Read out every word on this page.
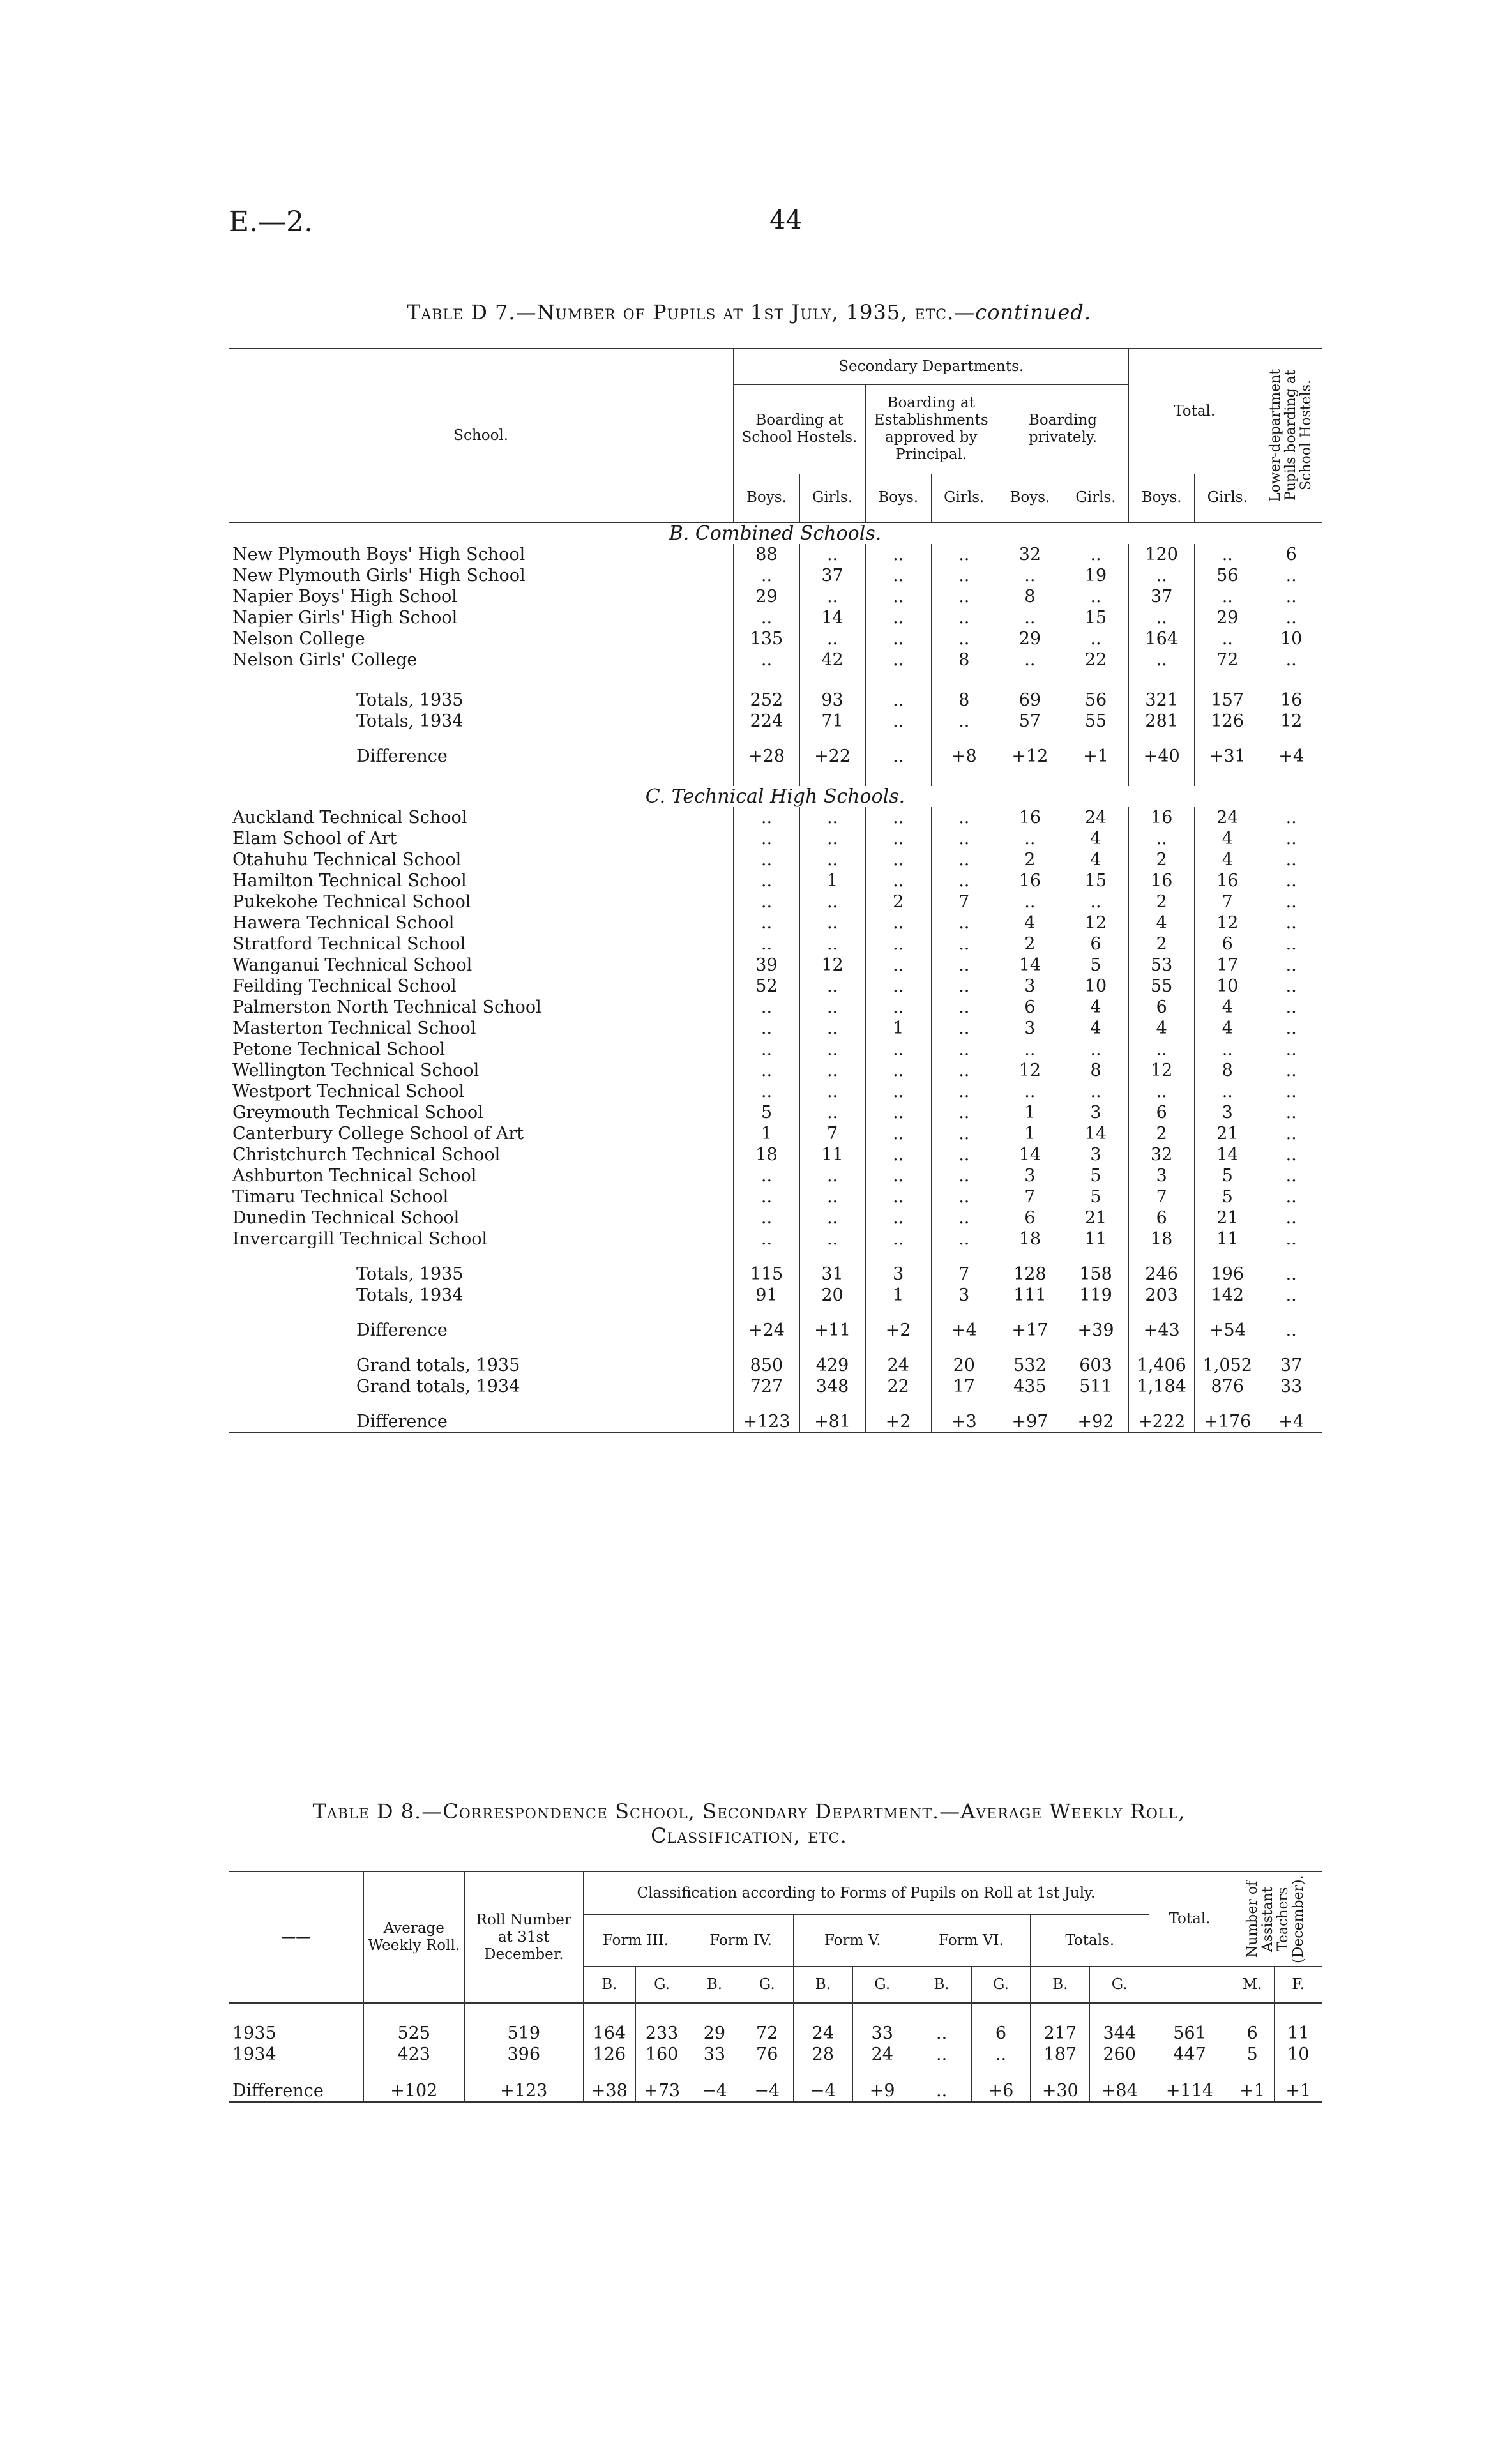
E.—2.	44
Table D 7.—Number of Pupils at 1st July, 1935, etc.—continued.
School.	Secondary Departments.						Total.		Lower-department Pupils boarding at School Hostels.

	Boarding at School Hostels.		Boarding at Establishments approved by Principal.		Boarding privately.				
	Boys.	Girls.	Boys.	Girls.	Boys.	Girls.	Boys.	Girls.	
B. Combined Schools.									
New Plymouth Boys' High School	88	..	..	..	32	..	120	..	6
New Plymouth Girls' High School	..	37	..	..	..	19	..	56	..
Napier Boys' High School	29	..	..	..	8	..	37	..	..
Napier Girls' High School	..	14	..	..	..	15	..	29	..
Nelson College	135	..	..	..	29	..	164	..	10
Nelson Girls' College	..	42	..	8	..	22	..	72	..

Totals, 1935	252	93	..	8	69	56	321	157	16
Totals, 1934	224	71	..	..	57	55	281	126	12

Difference	+28	+22	..	+8	+12	+1	+40	+31	+4

C. Technical High Schools.									
Auckland Technical School	..	..	..	..	16	24	16	24	..
Elam School of Art	..	..	..	..	..	4	..	4	..
Otahuhu Technical School	..	..	..	..	2	4	2	4	..
Hamilton Technical School	..	1	..	..	16	15	16	16	..
Pukekohe Technical School	..	..	2	7	..	..	2	7	..
Hawera Technical School	..	..	..	..	4	12	4	12	..
Stratford Technical School	..	..	..	..	2	6	2	6	..
Wanganui Technical School	39	12	..	..	14	5	53	17	..
Feilding Technical School	52	..	..	..	3	10	55	10	..
Palmerston North Technical School	..	..	..	..	6	4	6	4	..
Masterton Technical School	..	..	1	..	3	4	4	4	..
Petone Technical School	..	..	..	..	..	..	..	..	..
Wellington Technical School	..	..	..	..	12	8	12	8	..
Westport Technical School	..	..	..	..	..	..	..	..	..
Greymouth Technical School	5	..	..	..	1	3	6	3	..
Canterbury College School of Art	1	7	..	..	1	14	2	21	..
Christchurch Technical School	18	11	..	..	14	3	32	14	..
Ashburton Technical School	..	..	..	..	3	5	3	5	..
Timaru Technical School	..	..	..	..	7	5	7	5	..
Dunedin Technical School	..	..	..	..	6	21	6	21	..
Invercargill Technical School	..	..	..	..	18	11	18	11	..

Totals, 1935	115	31	3	7	128	158	246	196	..
Totals, 1934	91	20	1	3	111	119	203	142	..

Difference	+24	+11	+2	+4	+17	+39	+43	+54	..

Grand totals, 1935	850	429	24	20	532	603	1,406	1,052	37
Grand totals, 1934	727	348	22	17	435	511	1,184	876	33

Difference	+123	+81	+2	+3	+97	+92	+222	+176	+4
Table D 8.—Correspondence School, Secondary Department.—Average Weekly Roll,
Classification, etc.
——	Average Weekly Roll.	Roll Number at 31st December.	Classification according to Forms of Pupils on Roll at 1st July.										Total.	Number of Assistant Teachers (December).	

			Form III.		Form IV.		Form V.		Form VI.		Totals.				
			B.	G.	B.	G.	B.	G.	B.	G.	B.	G.		M.	F.

1935	525	519	164	233	29	72	24	33	..	6	217	344	561	6	11
1934	423	396	126	160	33	76	28	24	..	..	187	260	447	5	10

Difference	+102	+123	+38	+73	−4	−4	−4	+9	..	+6	+30	+84	+114	+1	+1
